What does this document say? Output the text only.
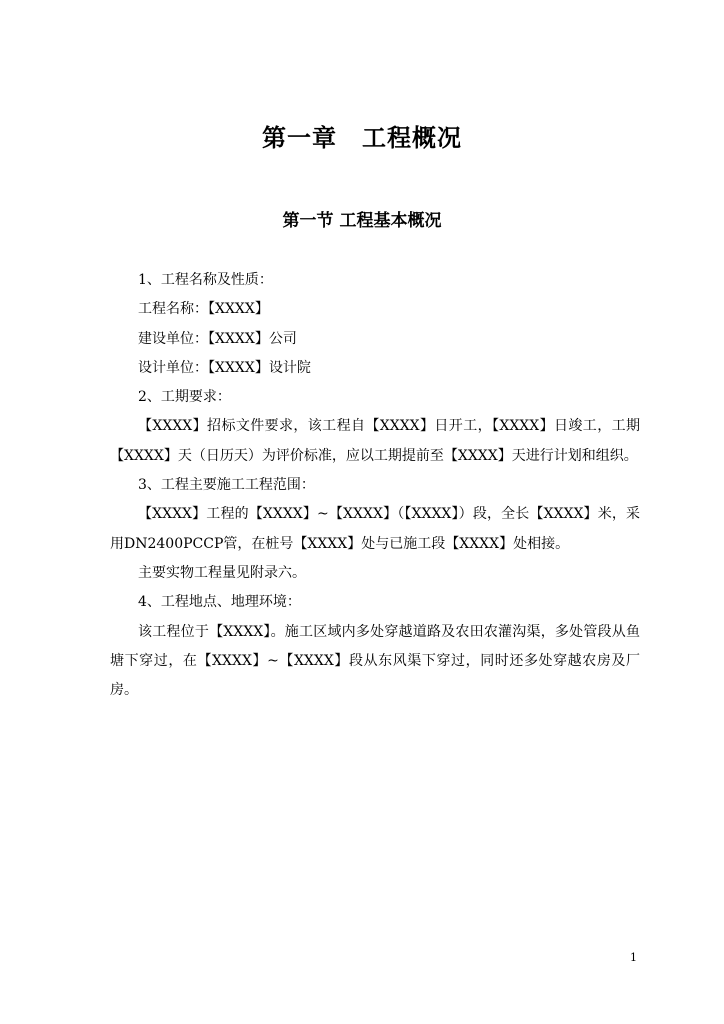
第一章　工程概况
第一节 工程基本概况

1、工程名称及性质：

工程名称：【XXXX】

建设单位：【XXXX】公司

设计单位：【XXXX】设计院

2、工期要求：

【XXXX】招标文件要求，该工程自【XXXX】日开工，【XXXX】日竣工，工期【XXXX】天（日历天）为评价标准，应以工期提前至【XXXX】天进行计划和组织。

3、工程主要施工工程范围：

【XXXX】工程的【XXXX】~【XXXX】（【XXXX】）段，全长【XXXX】米，采用DN2400PCCP管，在桩号【XXXX】处与已施工段【XXXX】处相接。

主要实物工程量见附录六。

4、工程地点、地理环境：

该工程位于【XXXX】。施工区域内多处穿越道路及农田农灌沟渠，多处管段从鱼塘下穿过，在【XXXX】~【XXXX】段从东风渠下穿过，同时还多处穿越农房及厂房。

1
